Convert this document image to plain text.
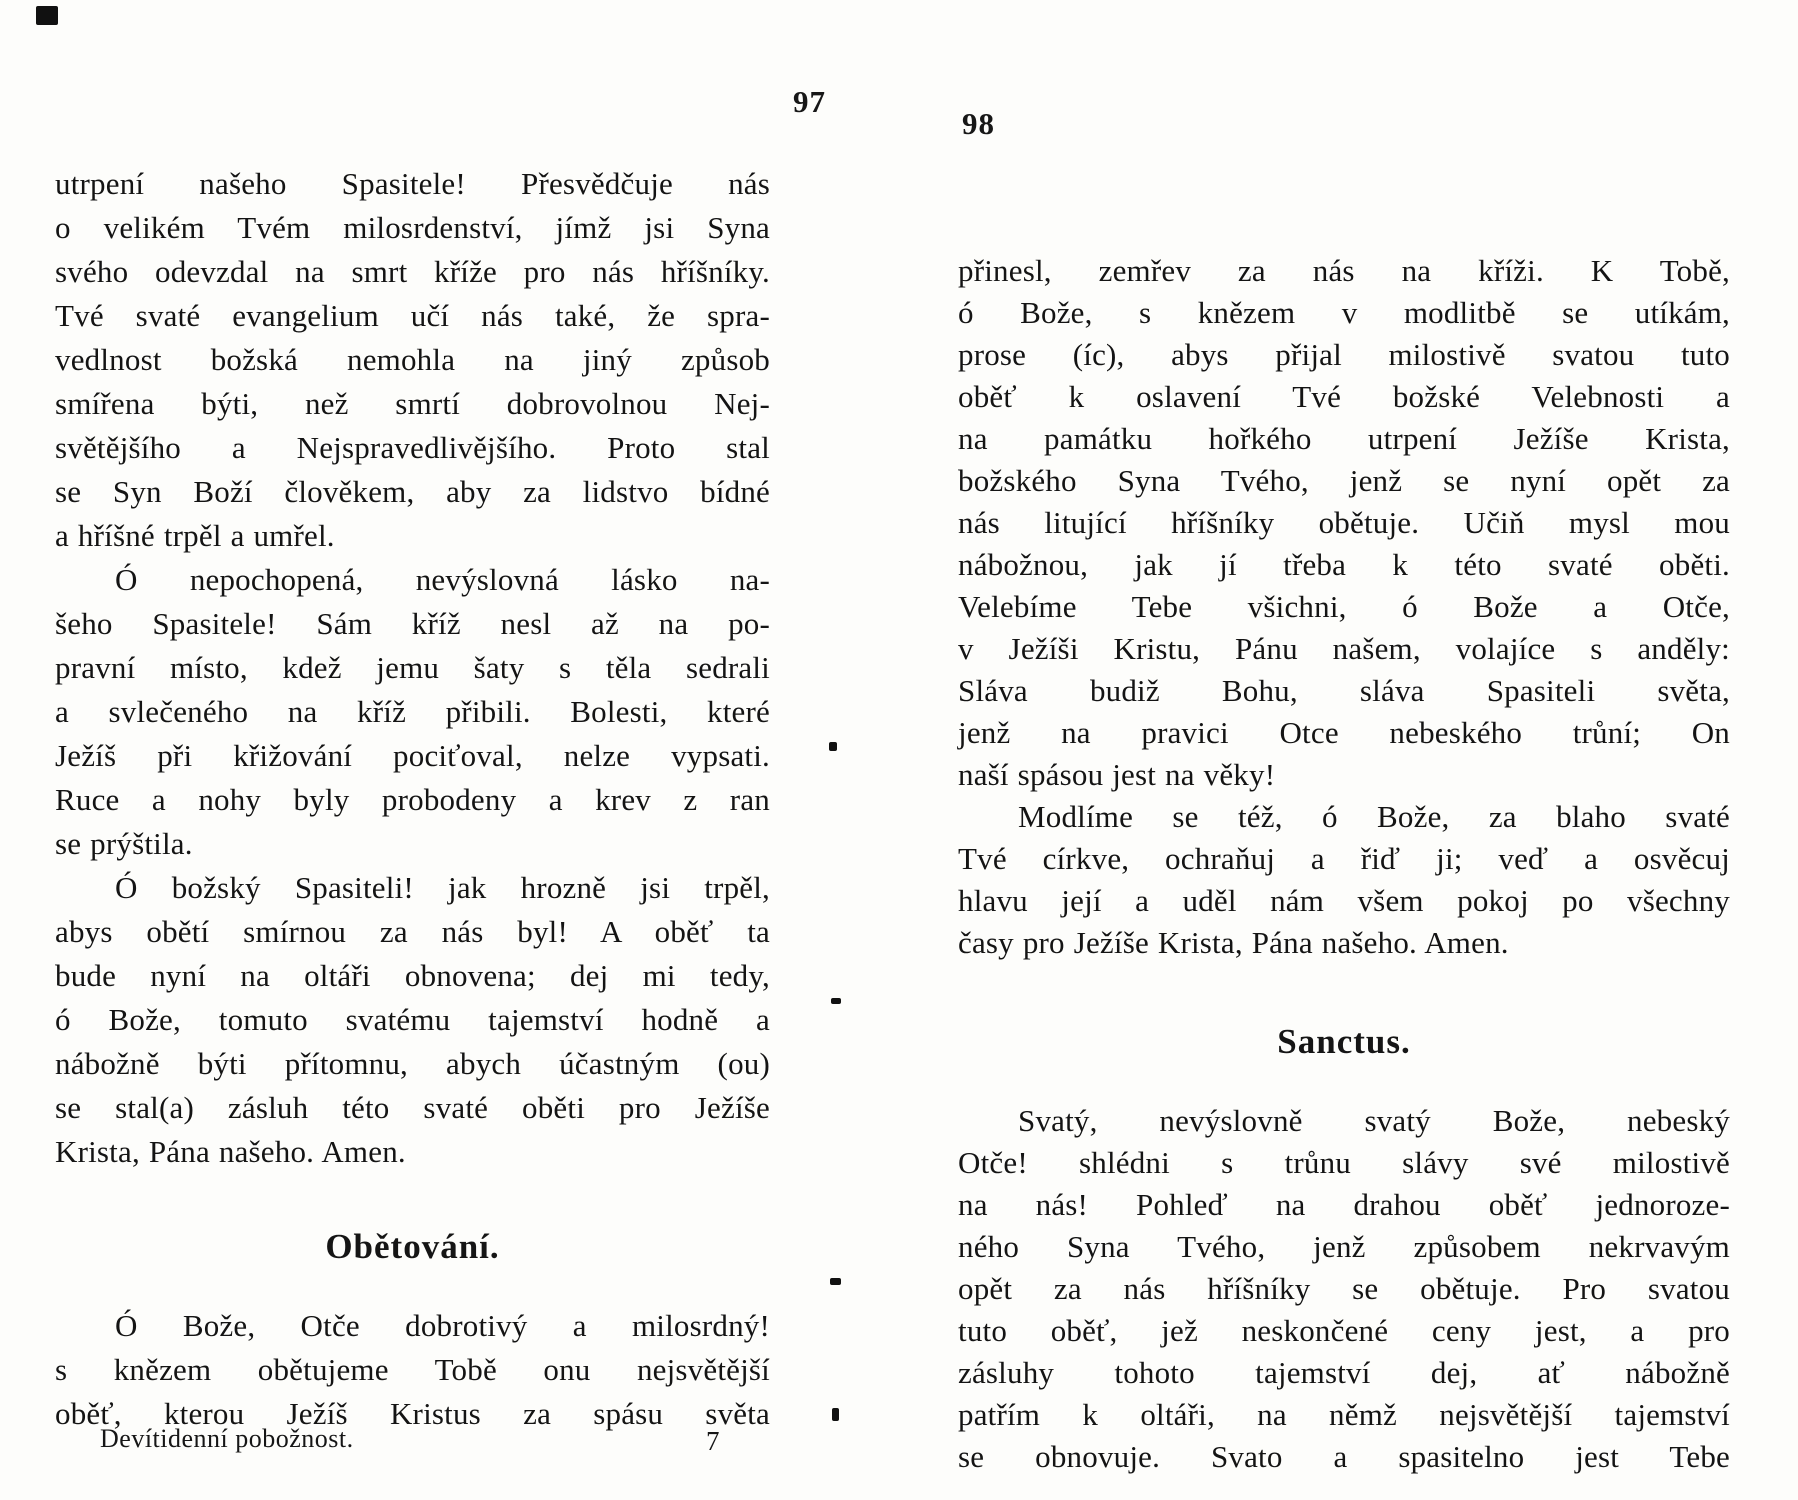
97
98
utrpení našeho Spasitele! Přesvědčuje nás
o velikém Tvém milosrdenství, jímž jsi Syna
svého odevzdal na smrt kříže pro nás hříšníky.
Tvé svaté evangelium učí nás také, že spra-
vedlnost božská nemohla na jiný způsob
smířena býti, než smrtí dobrovolnou Nej-
světějšího a Nejspravedlivějšího. Proto stal
se Syn Boží člověkem, aby za lidstvo bídné
a hříšné trpěl a umřel.
Ó nepochopená, nevýslovná lásko na-
šeho Spasitele! Sám kříž nesl až na po-
pravní místo, kdež jemu šaty s těla sedrali
a svlečeného na kříž přibili. Bolesti, které
Ježíš při křižování pociťoval, nelze vypsati.
Ruce a nohy byly probodeny a krev z ran
se prýštila.
Ó božský Spasiteli! jak hrozně jsi trpěl,
abys obětí smírnou za nás byl! A oběť ta
bude nyní na oltáři obnovena; dej mi tedy,
ó Bože, tomuto svatému tajemství hodně a
nábožně býti přítomnu, abych účastným (ou)
se stal(a) zásluh této svaté oběti pro Ježíše
Krista, Pána našeho. Amen.
Obětování.
Ó Bože, Otče dobrotivý a milosrdný!
s knězem obětujeme Tobě onu nejsvětější
oběť, kterou Ježíš Kristus za spásu světa
přinesl, zemřev za nás na kříži. K Tobě,
ó Bože, s knězem v modlitbě se utíkám,
prose (íc), abys přijal milostivě svatou tuto
oběť k oslavení Tvé božské Velebnosti a
na památku hořkého utrpení Ježíše Krista,
božského Syna Tvého, jenž se nyní opět za
nás litující hříšníky obětuje. Učiň mysl mou
nábožnou, jak jí třeba k této svaté oběti.
Velebíme Tebe všichni, ó Bože a Otče,
v Ježíši Kristu, Pánu našem, volajíce s anděly:
Sláva budiž Bohu, sláva Spasiteli světa,
jenž na pravici Otce nebeského trůní; On
naší spásou jest na věky!
Modlíme se též, ó Bože, za blaho svaté
Tvé církve, ochraňuj a řiď ji; veď a osvěcuj
hlavu její a uděl nám všem pokoj po všechny
časy pro Ježíše Krista, Pána našeho. Amen.
Sanctus.
Svatý, nevýslovně svatý Bože, nebeský
Otče! shlédni s trůnu slávy své milostivě
na nás! Pohleď na drahou oběť jednoroze-
ného Syna Tvého, jenž způsobem nekrvavým
opět za nás hříšníky se obětuje. Pro svatou
tuto oběť, jež neskončené ceny jest, a pro
zásluhy tohoto tajemství dej, ať nábožně
patřím k oltáři, na němž nejsvětější tajemství
se obnovuje. Svato a spasitelno jest Tebe
Devítidenní pobožnost.	7
